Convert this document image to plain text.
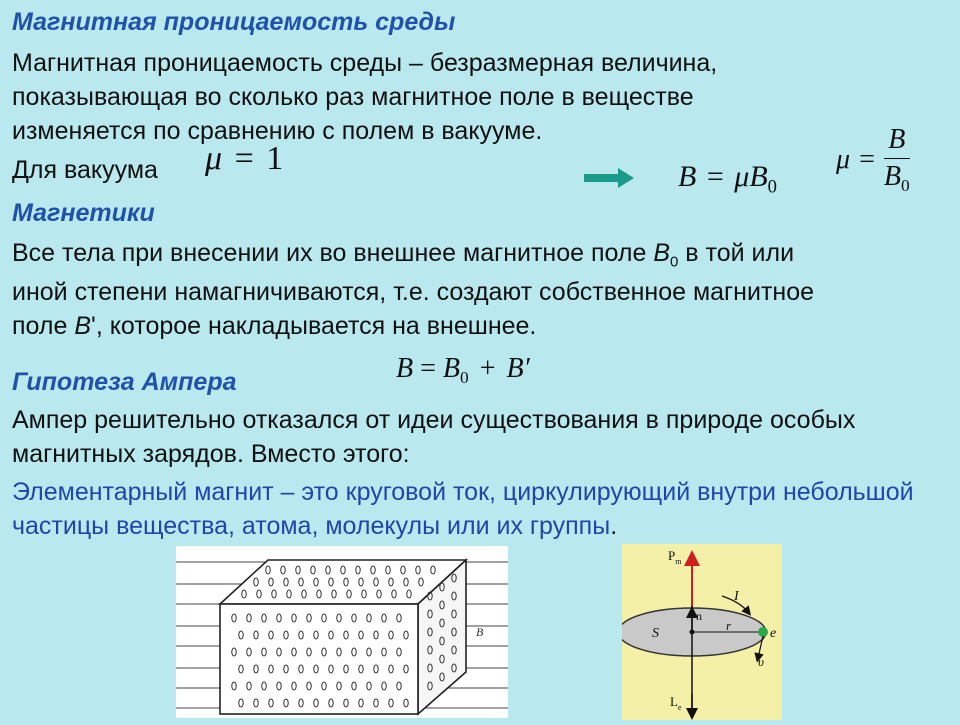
Магнитная проницаемость среды
Магнитная проницаемость среды – безразмерная величина, показывающая во сколько раз магнитное поле в веществе изменяется по сравнению с полем в вакууме.
Для вакуума μ = 1	$B = \mu B_0$
$\mu = \frac{B}{B_0}$
Магнетики
Все тела при внесении их во внешнее магнитное поле $B_0$ в той или
иной степени намагничиваются, т.е. создают собственное магнитное
поле B', которое накладывается на внешнее.
$B = B_0 + B'$
Гипотеза Ампера
Ампер решительно отказался от идеи существования в природе особых магнитных зарядов. Вместо этого:
Элементарный магнит – это круговой ток, циркулирующий внутри небольшой частицы вещества, атома, молекулы или их группы.
B
$P_m$
S
n
r
e
I
υ
$L_e$
